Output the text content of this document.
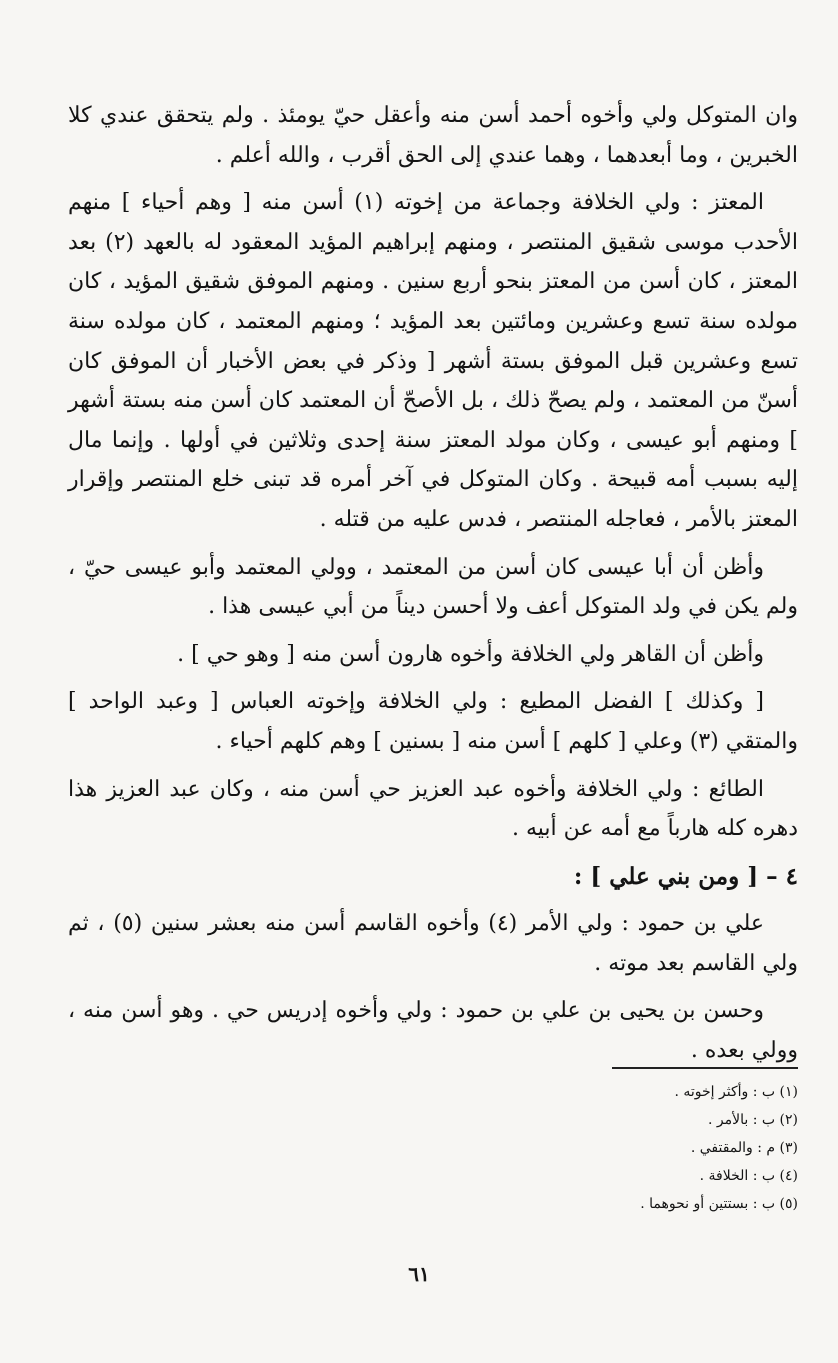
وان المتوكل ولي وأخوه أحمد أسن منه وأعقل حيّ يومئذ . ولم يتحقق عندي كلا الخبرين ، وما أبعدهما ، وهما عندي إلى الحق أقرب ، والله أعلم .

المعتز : ولي الخلافة وجماعة من إخوته (١) أسن منه [ وهم أحياء ] منهم الأحدب موسى شقيق المنتصر ، ومنهم إبراهيم المؤيد المعقود له بالعهد (٢) بعد المعتز ، كان أسن من المعتز بنحو أربع سنين . ومنهم الموفق شقيق المؤيد ، كان مولده سنة تسع وعشرين ومائتين بعد المؤيد ؛ ومنهم المعتمد ، كان مولده سنة تسع وعشرين قبل الموفق بستة أشهر [ وذكر في بعض الأخبار أن الموفق كان أسنّ من المعتمد ، ولم يصحّ ذلك ، بل الأصحّ أن المعتمد كان أسن منه بستة أشهر ] ومنهم أبو عيسى ، وكان مولد المعتز سنة إحدى وثلاثين في أولها . وإنما مال إليه بسبب أمه قبيحة . وكان المتوكل في آخر أمره قد تبنى خلع المنتصر وإقرار المعتز بالأمر ، فعاجله المنتصر ، فدس عليه من قتله .

وأظن أن أبا عيسى كان أسن من المعتمد ، وولي المعتمد وأبو عيسى حيّ ، ولم يكن في ولد المتوكل أعف ولا أحسن ديناً من أبي عيسى هذا .

وأظن أن القاهر ولي الخلافة وأخوه هارون أسن منه [ وهو حي ] .

[ وكذلك ] الفضل المطيع : ولي الخلافة وإخوته العباس [ وعبد الواحد ] والمتقي (٣) وعلي [ كلهم ] أسن منه [ بسنين ] وهم كلهم أحياء .

الطائع : ولي الخلافة وأخوه عبد العزيز حي أسن منه ، وكان عبد العزيز هذا دهره كله هارباً مع أمه عن أبيه .

٤ – [ ومن بني علي ] :

علي بن حمود : ولي الأمر (٤) وأخوه القاسم أسن منه بعشر سنين (٥) ، ثم ولي القاسم بعد موته .

وحسن بن يحيى بن علي بن حمود : ولي وأخوه إدريس حي . وهو أسن منه ، وولي بعده .

(١) ب : وأكثر إخوته .
(٢) ب : بالأمر .
(٣) م : والمقتفي .
(٤) ب : الخلافة .
(٥) ب : بستتين أو نحوهما .
٦١
